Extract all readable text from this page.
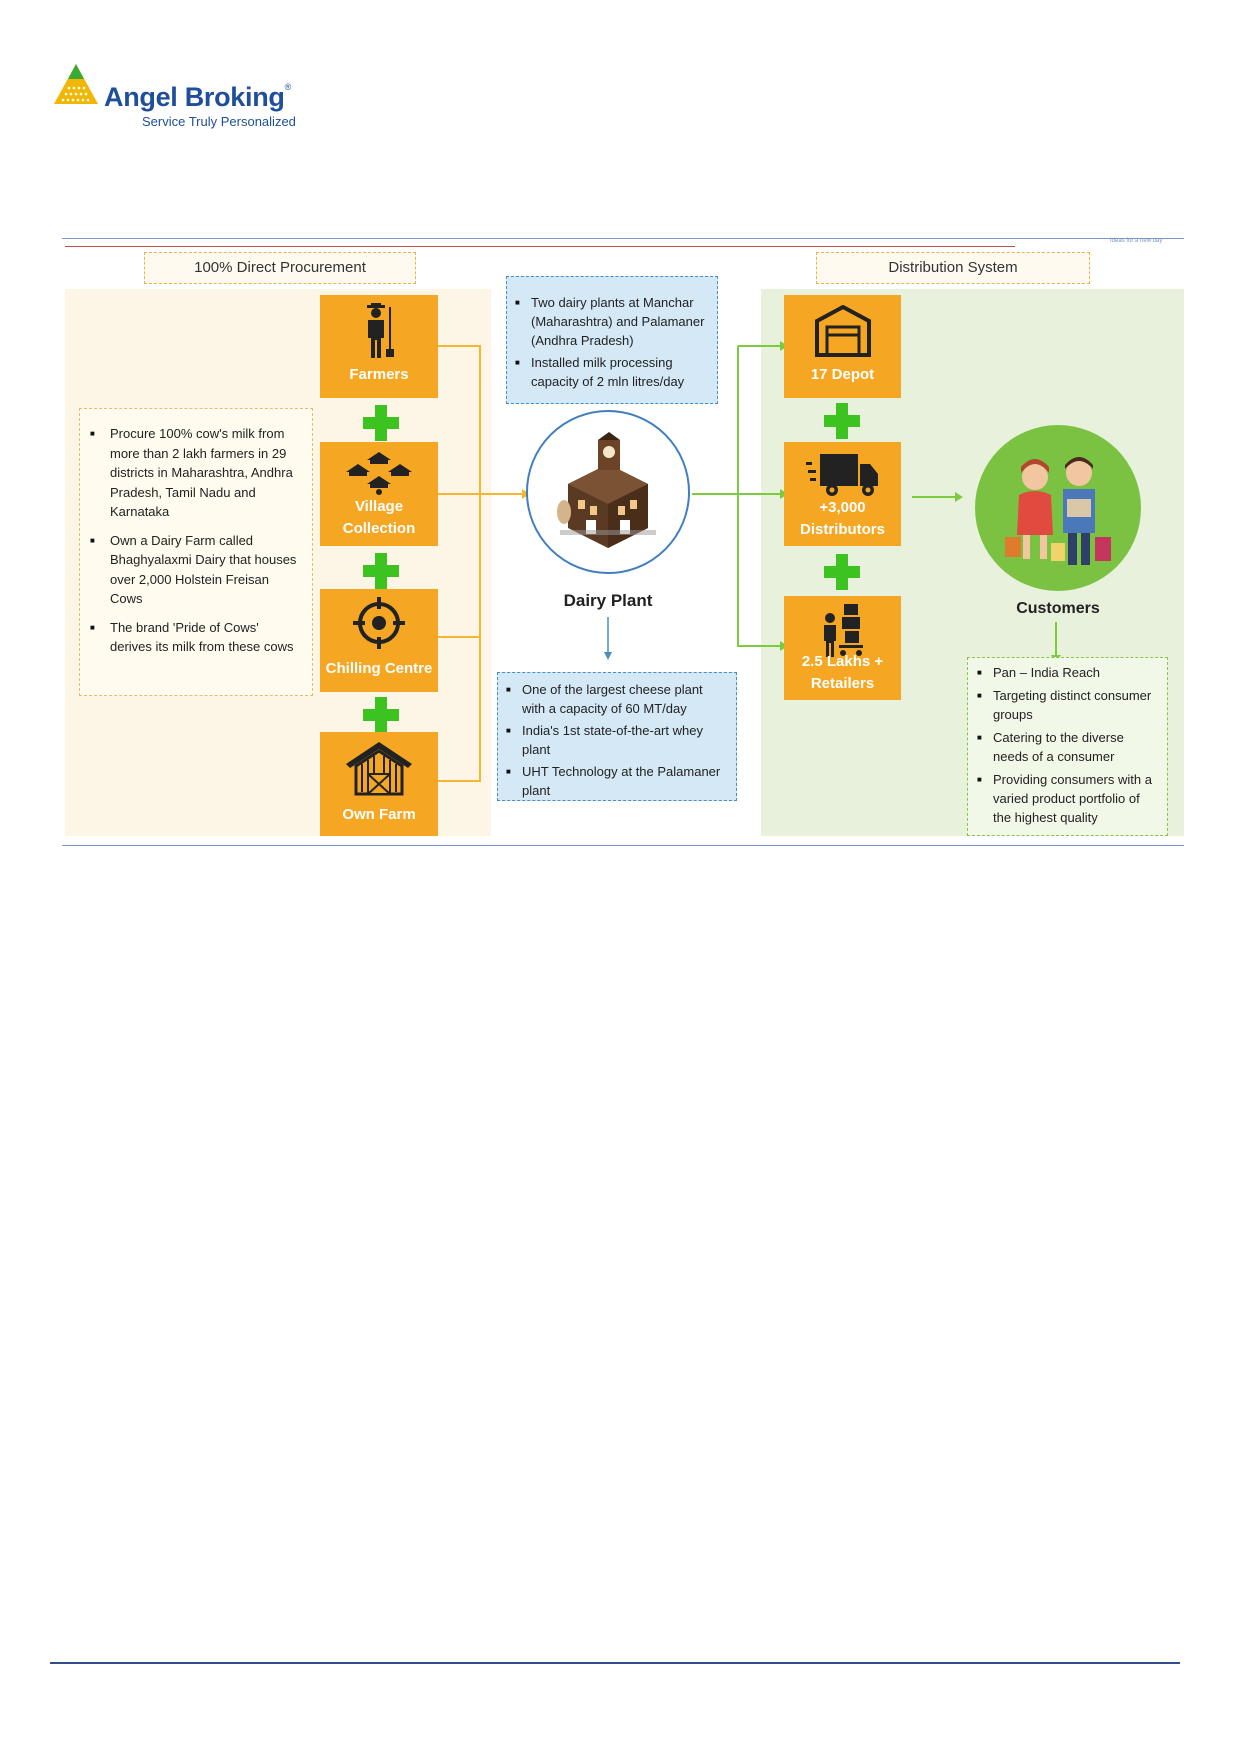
Angel Broking®
Service Truly Personalized
Ideas for a new day
100% Direct Procurement	Distribution System
Farmers
Village Collection
Chilling Centre
Own Farm
■ Procure 100% cow's milk from more than 2 lakh farmers in 29 districts in Maharashtra, Andhra Pradesh, Tamil Nadu and Karnataka
■ Own a Dairy Farm called Bhaghyalaxmi Dairy that houses over 2,000 Holstein Freisan Cows
■ The brand 'Pride of Cows' derives its milk from these cows
■ Two dairy plants at Manchar (Maharashtra) and Palamaner (Andhra Pradesh)
■ Installed milk processing capacity of 2 mln litres/day
Dairy Plant
■ One of the largest cheese plant with a capacity of 60 MT/day
■ India's 1st state-of-the-art whey plant
■ UHT Technology at the Palamaner plant
17 Depot
+3,000 Distributors
2.5 Lakhs + Retailers
Customers
■ Pan – India Reach
■ Targeting distinct consumer groups
■ Catering to the diverse needs of a consumer
■ Providing consumers with a varied product portfolio of the highest quality
